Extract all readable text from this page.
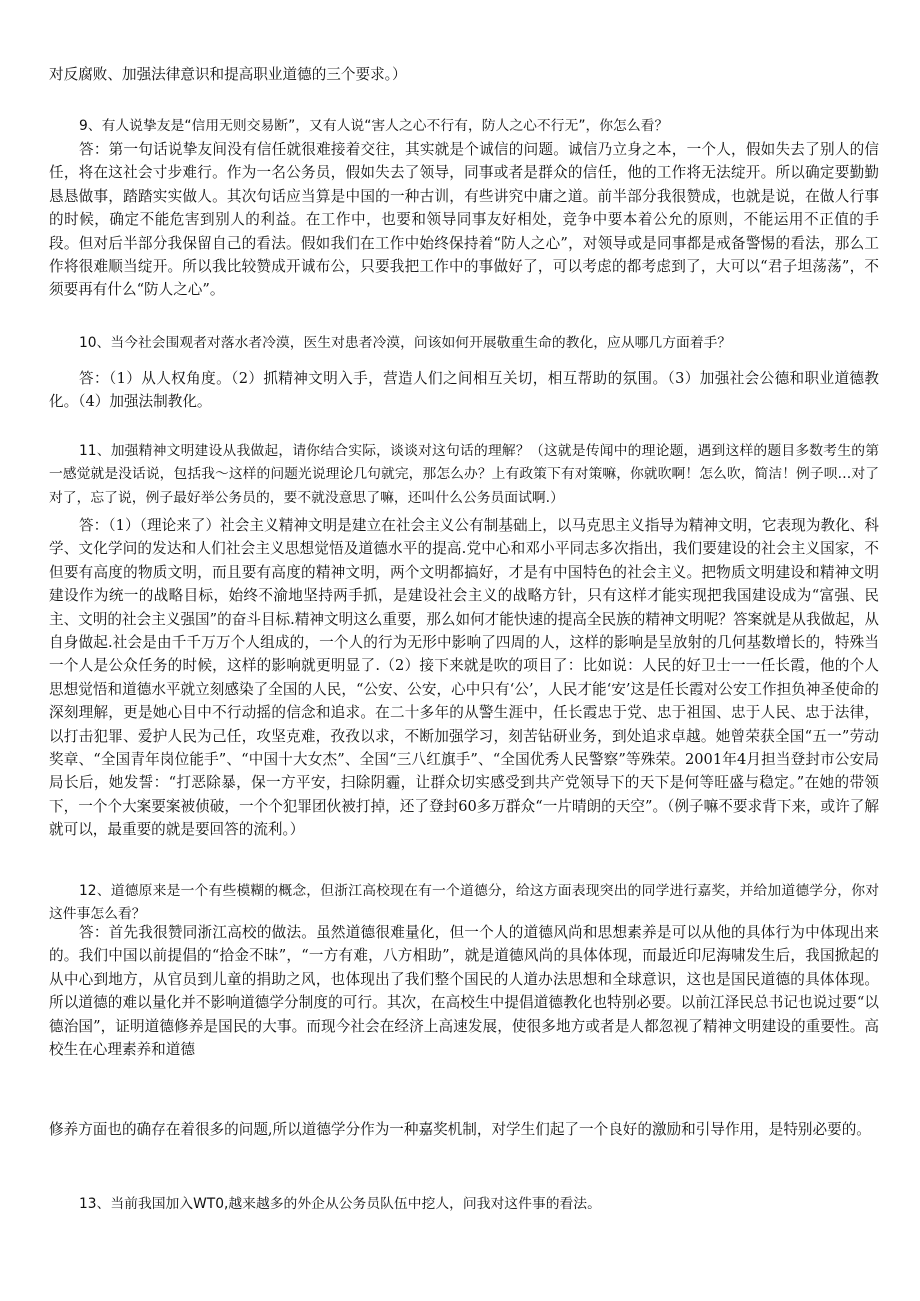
对反腐败、加强法律意识和提高职业道德的三个要求。）

9、有人说挚友是“信用无则交易断”，又有人说“害人之心不行有，防人之心不行无”，你怎么看？

答：第一句话说挚友间没有信任就很难接着交往，其实就是个诚信的问题。诚信乃立身之本，一个人，假如失去了别人的信任，将在这社会寸步难行。作为一名公务员，假如失去了领导，同事或者是群众的信任，他的工作将无法绽开。所以确定要勤勤恳恳做事，踏踏实实做人。其次句话应当算是中国的一种古训，有些讲究中庸之道。前半部分我很赞成，也就是说，在做人行事的时候，确定不能危害到别人的利益。在工作中，也要和领导同事友好相处，竞争中要本着公允的原则，不能运用不正值的手段。但对后半部分我保留自己的看法。假如我们在工作中始终保持着“防人之心”，对领导或是同事都是戒备警惕的看法，那么工作将很难顺当绽开。所以我比较赞成开诚布公，只要我把工作中的事做好了，可以考虑的都考虑到了，大可以“君子坦荡荡”，不须要再有什么“防人之心”。

10、当今社会围观者对落水者冷漠，医生对患者冷漠，问该如何开展敬重生命的教化，应从哪几方面着手？

答：（1）从人权角度。（2）抓精神文明入手，营造人们之间相互关切，相互帮助的氛围。（3）加强社会公德和职业道德教化。（4）加强法制教化。

11、加强精神文明建设从我做起，请你结合实际，谈谈对这句话的理解？（这就是传闻中的理论题，遇到这样的题目多数考生的第一感觉就是没话说，包括我～这样的问题光说理论几句就完，那怎么办？上有政策下有对策嘛，你就吹啊！怎么吹，简洁！例子呗…对了对了，忘了说，例子最好举公务员的，要不就没意思了嘛，还叫什么公务员面试啊.）

答：（1）（理论来了）社会主义精神文明是建立在社会主义公有制基础上，以马克思主义指导为精神文明，它表现为教化、科学、文化学问的发达和人们社会主义思想觉悟及道德水平的提高.党中心和邓小平同志多次指出，我们要建设的社会主义国家，不但要有高度的物质文明，而且要有高度的精神文明，两个文明都搞好，才是有中国特色的社会主义。把物质文明建设和精神文明建设作为统一的战略目标，始终不渝地坚持两手抓，是建设社会主义的战略方针，只有这样才能实现把我国建设成为“富强、民主、文明的社会主义强国”的奋斗目标.精神文明这么重要，那么如何才能快速的提高全民族的精神文明呢？答案就是从我做起，从自身做起.社会是由千千万万个人组成的，一个人的行为无形中影响了四周的人，这样的影响是呈放射的几何基数增长的，特殊当一个人是公众任务的时候，这样的影响就更明显了.（2）接下来就是吹的项目了：比如说：人民的好卫士一一任长霞，他的个人思想觉悟和道德水平就立刻感染了全国的人民，“公安、公安，心中只有‘公’，人民才能‘安’这是任长霞对公安工作担负神圣使命的深刻理解，更是她心目中不行动摇的信念和追求。在二十多年的从警生涯中，任长霞忠于党、忠于祖国、忠于人民、忠于法律，以打击犯罪、爱护人民为己任，攻坚克难，孜孜以求，不断加强学习，刻苦钻研业务，到处追求卓越。她曾荣获全国“五一”劳动奖章、“全国青年岗位能手”、“中国十大女杰”、全国“三八红旗手”、“全国优秀人民警察”等殊荣。2001年4月担当登封市公安局局长后，她发誓：“打恶除暴，保一方平安，扫除阴霾，让群众切实感受到共产党领导下的天下是何等旺盛与稳定。”在她的带领下，一个个大案要案被侦破，一个个犯罪团伙被打掉，还了登封60多万群众“一片晴朗的天空”。（例子嘛不要求背下来，或许了解就可以，最重要的就是要回答的流利。）

12、道德原来是一个有些模糊的概念，但浙江高校现在有一个道德分，给这方面表现突出的同学进行嘉奖，并给加道德学分，你对这件事怎么看？

答：首先我很赞同浙江高校的做法。虽然道德很难量化，但一个人的道德风尚和思想素养是可以从他的具体行为中体现出来的。我们中国以前提倡的“拾金不昧”，“一方有难，八方相助”，就是道德风尚的具体体现，而最近印尼海啸发生后，我国掀起的从中心到地方，从官员到儿童的捐助之风，也体现出了我们整个国民的人道办法思想和全球意识，这也是国民道德的具体体现。所以道德的难以量化并不影响道德学分制度的可行。其次，在高校生中提倡道德教化也特别必要。以前江泽民总书记也说过要“以德治国”，证明道德修养是国民的大事。而现今社会在经济上高速发展，使很多地方或者是人都忽视了精神文明建设的重要性。高校生在心理素养和道德

修养方面也的确存在着很多的问题,所以道德学分作为一种嘉奖机制，对学生们起了一个良好的激励和引导作用，是特别必要的。

13、当前我国加入WT0,越来越多的外企从公务员队伍中挖人，问我对这件事的看法。
